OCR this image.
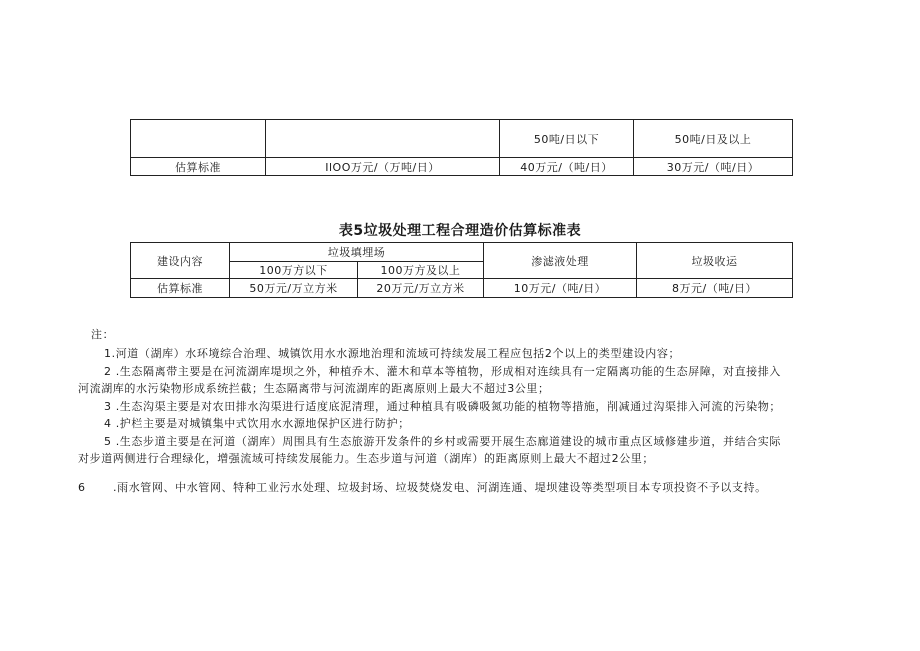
		50吨/日以下	50吨/日及以上
估算标准	IlOO万元/（万吨/日）	40万元/（吨/日）	30万元/（吨/日）
表5垃圾处理工程合理造价估算标准表
建设内容	垃圾填埋场		渗滤液处理	垃圾收运
	100万方以下	100万方及以上		
估算标准	50万元/万立方米	20万元/万立方米	10万元/（吨/日）	8万元/（吨/日）
注：
1.河道（湖库）水环境综合治理、城镇饮用水水源地治理和流域可持续发展工程应包括2个以上的类型建设内容；
2 .生态隔离带主要是在河流湖库堤坝之外，种植乔木、灌木和草本等植物，形成相对连续具有一定隔离功能的生态屏障，对直接排入
河流湖库的水污染物形成系统拦截；生态隔离带与河流湖库的距离原则上最大不超过3公里；
3 .生态沟渠主要是对农田排水沟渠进行适度底泥清理，通过种植具有吸磷吸氮功能的植物等措施，削减通过沟渠排入河流的污染物；
4 .护栏主要是对城镇集中式饮用水水源地保护区进行防护；
5 .生态步道主要是在河道（湖库）周围具有生态旅游开发条件的乡村或需要开展生态廊道建设的城市重点区域修建步道，并结合实际
对步道两侧进行合理绿化，增强流域可持续发展能力。生态步道与河道（湖库）的距离原则上最大不超过2公里；
6 .雨水管网、中水管网、特种工业污水处理、垃圾封场、垃圾焚烧发电、河湖连通、堤坝建设等类型项目本专项投资不予以支持。
